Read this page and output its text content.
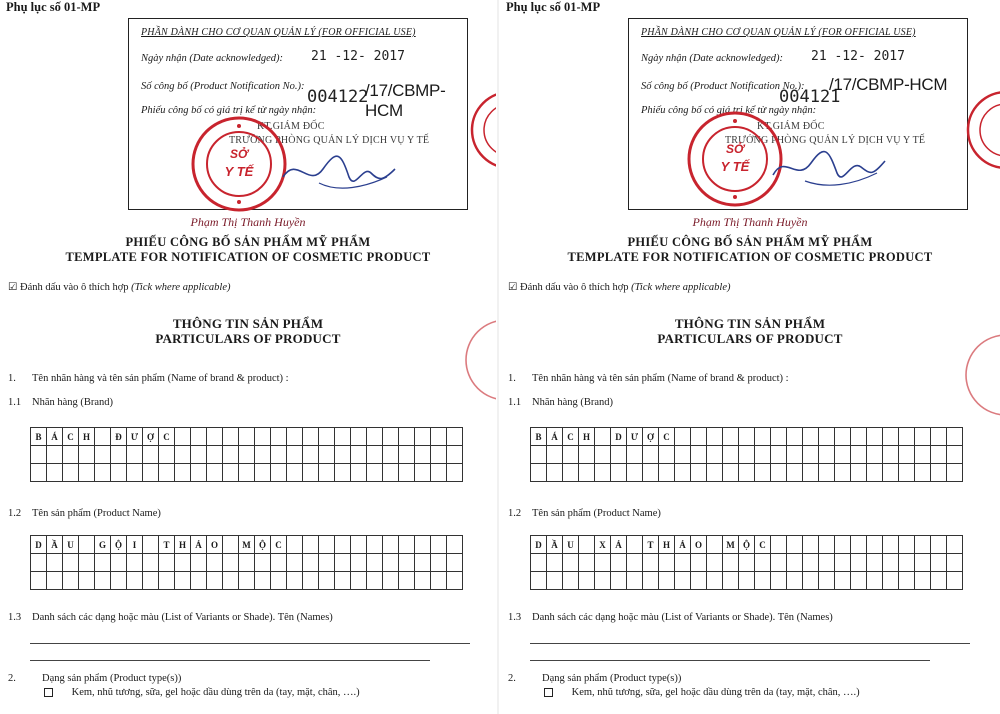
Phụ lục số 01-MP
PHẦN DÀNH CHO CƠ QUAN QUẢN LÝ (FOR OFFICIAL USE)
Ngày nhận (Date acknowledged): 21 -12- 2017
Số công bố (Product Notification No.):
004122
/17/CBMP-HCM
Phiếu công bố có giá trị kể từ ngày nhận:
KT.GIÁM ĐỐC
TRƯỞNG PHÒNG QUẢN LÝ DỊCH VỤ Y TẾ
SỞ
Y TẾ
Phạm Thị Thanh Huyền
PHIẾU CÔNG BỐ SẢN PHẨM MỸ PHẨM
TEMPLATE FOR NOTIFICATION OF COSMETIC PRODUCT
☑ Đánh dấu vào ô thích hợp (Tick where applicable)
THÔNG TIN SẢN PHẨM
PARTICULARS OF PRODUCT
1. Tên nhãn hàng và tên sản phẩm (Name of brand & product) :
1.1 Nhãn hàng (Brand)
B	Á	C	H		Đ	Ư	Ợ	C																		

1.2 Tên sản phẩm (Product Name)
D	Ầ	U		G	Ộ	I		T	H	Ả	O		M	Ộ	C											

1.3 Danh sách các dạng hoặc màu (List of Variants or Shade). Tên (Names)
2. Dạng sản phẩm (Product type(s))
Kem, nhũ tương, sữa, gel hoặc dầu dùng trên da (tay, mặt, chân, ….)
Phụ lục số 01-MP
PHẦN DÀNH CHO CƠ QUAN QUẢN LÝ (FOR OFFICIAL USE)
Ngày nhận (Date acknowledged): 21 -12- 2017
Số công bố (Product Notification No.):
004121
/17/CBMP-HCM
Phiếu công bố có giá trị kể từ ngày nhận:
KT.GIÁM ĐỐC
TRƯỞNG PHÒNG QUẢN LÝ DỊCH VỤ Y TẾ
SỞ
Y TẾ
Phạm Thị Thanh Huyền
PHIẾU CÔNG BỐ SẢN PHẨM MỸ PHẨM
TEMPLATE FOR NOTIFICATION OF COSMETIC PRODUCT
☑ Đánh dấu vào ô thích hợp (Tick where applicable)
THÔNG TIN SẢN PHẨM
PARTICULARS OF PRODUCT
1. Tên nhãn hàng và tên sản phẩm (Name of brand & product) :
1.1 Nhãn hàng (Brand)
B	Á	C	H		D	Ư	Ợ	C																		

1.2 Tên sản phẩm (Product Name)
D	Ầ	U		X	Ả		T	H	Ả	O		M	Ộ	C												

1.3 Danh sách các dạng hoặc màu (List of Variants or Shade). Tên (Names)
2. Dạng sản phẩm (Product type(s))
Kem, nhũ tương, sữa, gel hoặc dầu dùng trên da (tay, mặt, chân, ….)
